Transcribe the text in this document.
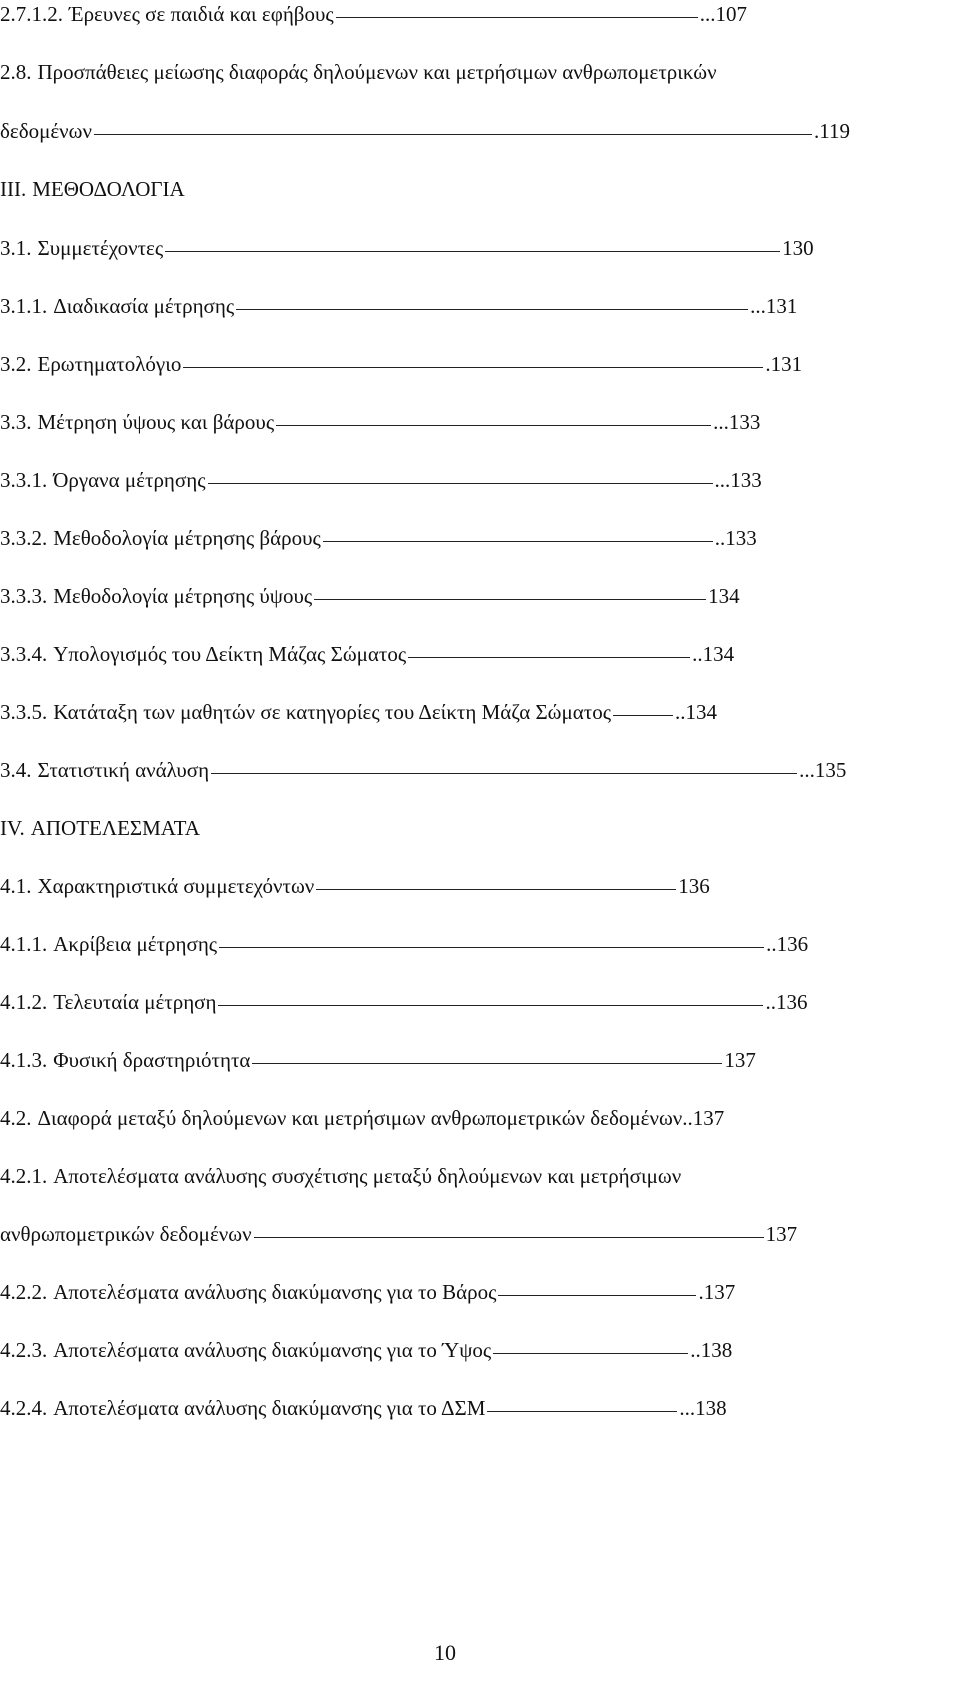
2.7.1.2. Έρευνες σε παιδιά και εφήβους	...107
2.8. Προσπάθειες μείωσης διαφοράς δηλούμενων και μετρήσιμων ανθρωπομετρικών
δεδομένων	.119
III. ΜΕΘΟΔΟΛΟΓΙΑ
3.1. Συμμετέχοντες	130
3.1.1. Διαδικασία μέτρησης	...131
3.2. Ερωτηματολόγιο	.131
3.3. Μέτρηση ύψους και βάρους	...133
3.3.1. Όργανα μέτρησης	...133
3.3.2. Μεθοδολογία μέτρησης βάρους	..133
3.3.3. Μεθοδολογία μέτρησης ύψους	134
3.3.4. Υπολογισμός του Δείκτη Μάζας Σώματος	..134
3.3.5. Κατάταξη των μαθητών σε κατηγορίες του Δείκτη Μάζα Σώματος	..134
3.4. Στατιστική ανάλυση	...135
IV. ΑΠΟΤΕΛΕΣΜΑΤΑ
4.1. Χαρακτηριστικά συμμετεχόντων	136
4.1.1. Ακρίβεια μέτρησης	..136
4.1.2. Τελευταία μέτρηση	..136
4.1.3. Φυσική δραστηριότητα	137
4.2. Διαφορά μεταξύ δηλούμενων και μετρήσιμων ανθρωπομετρικών δεδομένων..137
4.2.1. Αποτελέσματα ανάλυσης συσχέτισης μεταξύ δηλούμενων και μετρήσιμων
ανθρωπομετρικών δεδομένων	137
4.2.2. Αποτελέσματα ανάλυσης διακύμανσης για το Βάρος	.137
4.2.3. Αποτελέσματα ανάλυσης διακύμανσης για το Ύψος	..138
4.2.4. Αποτελέσματα ανάλυσης διακύμανσης για το ΔΣΜ	...138
10
